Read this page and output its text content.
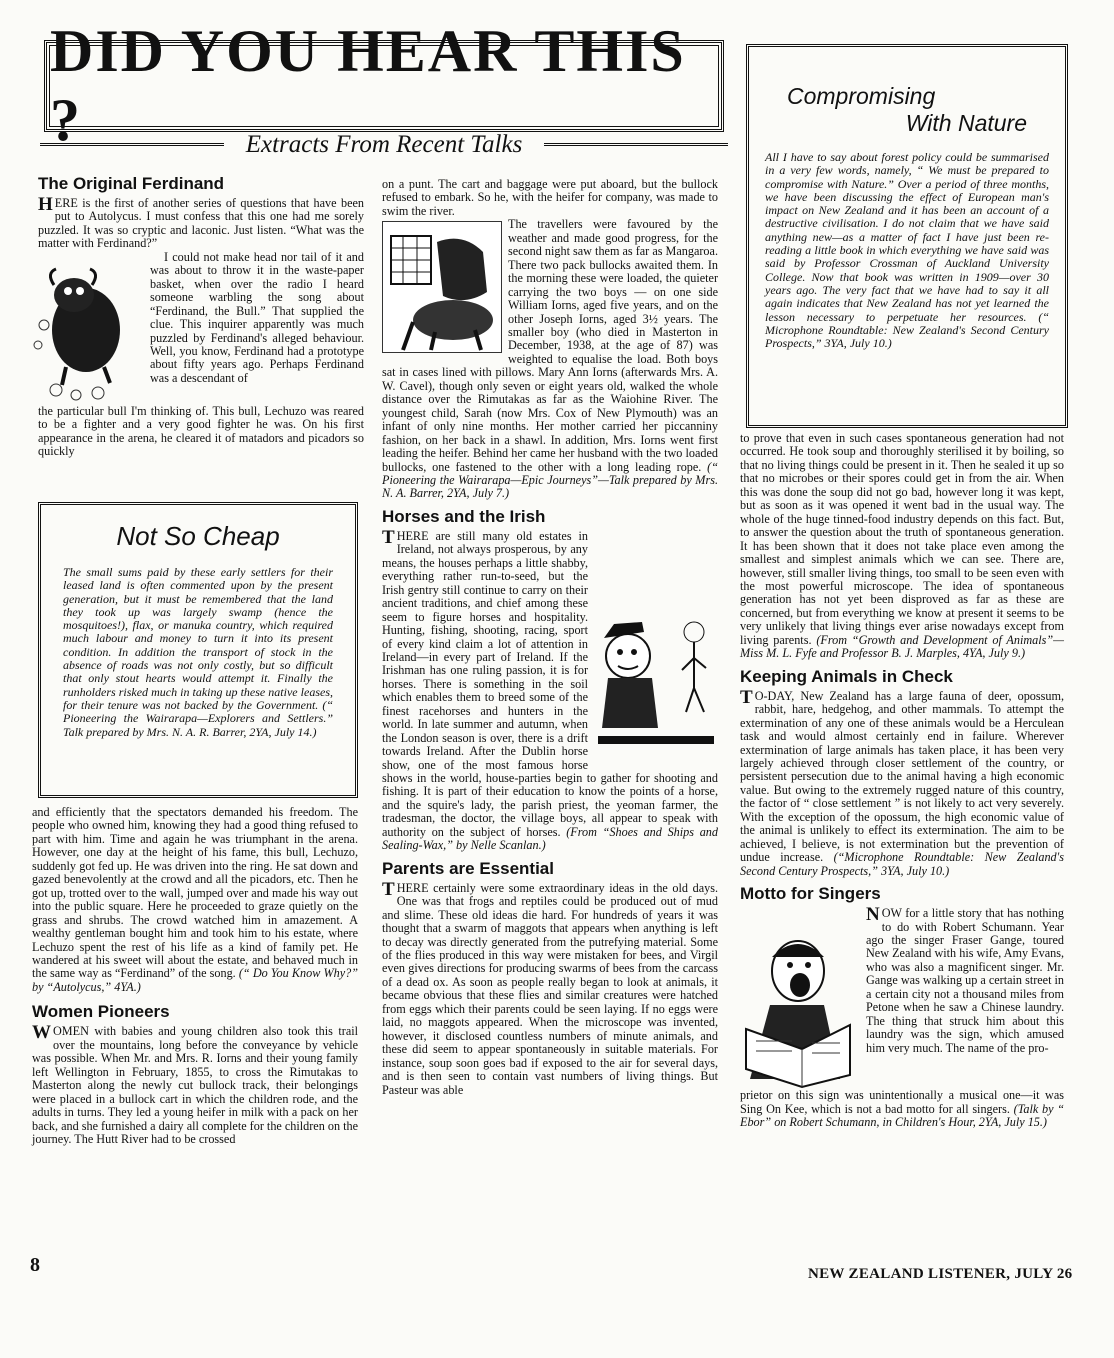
DID YOU HEAR THIS ?	Extracts From Recent Talks
The Original Ferdinand

HERE is the first of another series of questions that have been put to Autolycus. I must confess that this one had me sorely puzzled. It was so cryptic and laconic. Just listen. “What was the matter with Ferdinand?”

I could not make head nor tail of it and was about to throw it in the waste-paper basket, when over the radio I heard someone warbling the song about “Ferdinand, the Bull.” That supplied the clue. This inquirer apparently was much puzzled by Ferdinand's alleged behaviour. Well, you know, Ferdinand had a prototype about fifty years ago. Perhaps Ferdinand was a descendant of

the particular bull I'm thinking of. This bull, Lechuzo was reared to be a fighter and a very good fighter he was. On his first appearance in the arena, he cleared it of matadors and picadors so quickly

Not So Cheap
The small sums paid by these early settlers for their leased land is often commented upon by the present generation, but it must be remembered that the land they took up was largely swamp (hence the mosquitoes!), flax, or manuka country, which required much labour and money to turn it into its present condition. In addition the transport of stock in the absence of roads was not only costly, but so difficult that only stout hearts would attempt it. Finally the runholders risked much in taking up these native leases, for their tenure was not backed by the Government. (“ Pioneering the Wairarapa—Explorers and Settlers.” Talk prepared by Mrs. N. A. R. Barrer, 2YA, July 14.)

and efficiently that the spectators demanded his freedom. The people who owned him, knowing they had a good thing refused to part with him. Time and again he was triumphant in the arena. However, one day at the height of his fame, this bull, Lechuzo, suddenly got fed up. He was driven into the ring. He sat down and gazed benevolently at the crowd and all the picadors, etc. Then he got up, trotted over to the wall, jumped over and made his way out into the public square. Here he proceeded to graze quietly on the grass and shrubs. The crowd watched him in amazement. A wealthy gentleman bought him and took him to his estate, where Lechuzo spent the rest of his life as a kind of family pet. He wandered at his sweet will about the estate, and behaved much in the same way as “Ferdinand” of the song. (“ Do You Know Why?” by “Autolycus,” 4YA.)

Women Pioneers

WOMEN with babies and young children also took this trail over the mountains, long before the conveyance by vehicle was possible. When Mr. and Mrs. R. Iorns and their young family left Wellington in February, 1855, to cross the Rimutakas to Masterton along the newly cut bullock track, their belongings were placed in a bullock cart in which the children rode, and the adults in turns. They led a young heifer in milk with a pack on her back, and she furnished a dairy all complete for the children on the journey. The Hutt River had to be crossed

on a punt. The cart and baggage were put aboard, but the bullock refused to embark. So he, with the heifer for company, was made to swim the river.

The travellers were favoured by the weather and made good progress, for the second night saw them as far as Mangaroa. There two pack bullocks awaited them. In the morning these were loaded, the quieter carrying the two boys — on one side William Iorns, aged five years, and on the other Joseph Iorns, aged 3½ years. The smaller boy (who died in Masterton in December, 1938, at the age of 87) was weighted to equalise the load. Both boys sat in cases lined with pillows. Mary Ann Iorns (afterwards Mrs. A. W. Cavel), though only seven or eight years old, walked the whole distance over the Rimutakas as far as the Waiohine River. The youngest child, Sarah (now Mrs. Cox of New Plymouth) was an infant of only nine months. Her mother carried her piccanniny fashion, on her back in a shawl. In addition, Mrs. Iorns went first leading the heifer. Behind her came her husband with the two loaded bullocks, one fastened to the other with a long leading rope. (“ Pioneering the Wairarapa—Epic Journeys”—Talk prepared by Mrs. N. A. Barrer, 2YA, July 7.)

Horses and the Irish

THERE are still many old estates in Ireland, not always prosperous, by any means, the houses perhaps a little shabby, everything rather run-to-seed, but the Irish gentry still continue to carry on their ancient traditions, and chief among these seem to figure horses and hospitality. Hunting, fishing, shooting, racing, sport of every kind claim a lot of attention in Ireland—in every part of Ireland. If the Irishman has one ruling passion, it is for horses. There is something in the soil which enables them to breed some of the finest racehorses and hunters in the world. In late summer and autumn, when the London season is over, there is a drift towards Ireland. After the Dublin horse show, one of the most famous horse shows in the world, house-parties begin to gather for shooting and fishing. It is part of their education to know the points of a horse, and the squire's lady, the parish priest, the yeoman farmer, the tradesman, the doctor, the village boys, all appear to speak with authority on the subject of horses. (From “Shoes and Ships and Sealing-Wax,” by Nelle Scanlan.)

Parents are Essential

THERE certainly were some extraordinary ideas in the old days. One was that frogs and reptiles could be produced out of mud and slime. These old ideas die hard. For hundreds of years it was thought that a swarm of maggots that appears when anything is left to decay was directly generated from the putrefying material. Some of the flies produced in this way were mistaken for bees, and Virgil even gives directions for producing swarms of bees from the carcass of a dead ox. As soon as people really began to look at animals, it became obvious that these flies and similar creatures were hatched from eggs which their parents could be seen laying. If no eggs were laid, no maggots appeared. When the microscope was invented, however, it disclosed countless numbers of minute animals, and these did seem to appear spontaneously in suitable materials. For instance, soup soon goes bad if exposed to the air for several days, and is then seen to contain vast numbers of living things. But Pasteur was able

Compromising
With Nature
All I have to say about forest policy could be summarised in a very few words, namely, “ We must be prepared to compromise with Nature.” Over a period of three months, we have been discussing the effect of European man's impact on New Zealand and it has been an account of a destructive civilisation. I do not claim that we have said anything new—as a matter of fact I have just been re-reading a little book in which everything we have said was said by Professor Crossman of Auckland University College. Now that book was written in 1909—over 30 years ago. The very fact that we have had to say it all again indicates that New Zealand has not yet learned the lesson necessary to perpetuate her resources. (“ Microphone Roundtable: New Zealand's Second Century Prospects,” 3YA, July 10.)

to prove that even in such cases spontaneous generation had not occurred. He took soup and thoroughly sterilised it by boiling, so that no living things could be present in it. Then he sealed it up so that no microbes or their spores could get in from the air. When this was done the soup did not go bad, however long it was kept, but as soon as it was opened it went bad in the usual way. The whole of the huge tinned-food industry depends on this fact. But, to answer the question about the truth of spontaneous generation. It has been shown that it does not take place even among the smallest and simplest animals which we can see. There are, however, still smaller living things, too small to be seen even with the most powerful microscope. The idea of spontaneous generation has not yet been disproved as far as these are concerned, but from everything we know at present it seems to be very unlikely that living things ever arise nowadays except from living parents. (From “Growth and Development of Animals”—Miss M. L. Fyfe and Professor B. J. Marples, 4YA, July 9.)

Keeping Animals in Check

T O-DAY, New Zealand has a large fauna of deer, opossum, rabbit, hare, hedgehog, and other mammals. To attempt the extermination of any one of these animals would be a Herculean task and would almost certainly end in failure. Wherever extermination of large animals has taken place, it has been very largely achieved through closer settlement of the country, or persistent persecution due to the animal having a high economic value. But owing to the extremely rugged nature of this country, the factor of “ close settlement ” is not likely to act very severely. With the exception of the opossum, the high economic value of the animal is unlikely to effect its extermination. The aim to be achieved, I believe, is not extermination but the prevention of undue increase. (“Microphone Roundtable: New Zealand's Second Century Prospects,” 3YA, July 10.)

Motto for Singers

NOW for a little story that has nothing to do with Robert Schumann. Year ago the singer Fraser Gange, toured New Zealand with his wife, Amy Evans, who was also a magnificent singer. Mr. Gange was walking up a certain street in a certain city not a thousand miles from Petone when he saw a Chinese laundry. The thing that struck him about this laundry was the sign, which amused him very much. The name of the pro-

prietor on this sign was unintentionally a musical one—it was Sing On Kee, which is not a bad motto for all singers. (Talk by “ Ebor” on Robert Schumann, in Children's Hour, 2YA, July 15.)

8	NEW ZEALAND LISTENER, JULY 26
